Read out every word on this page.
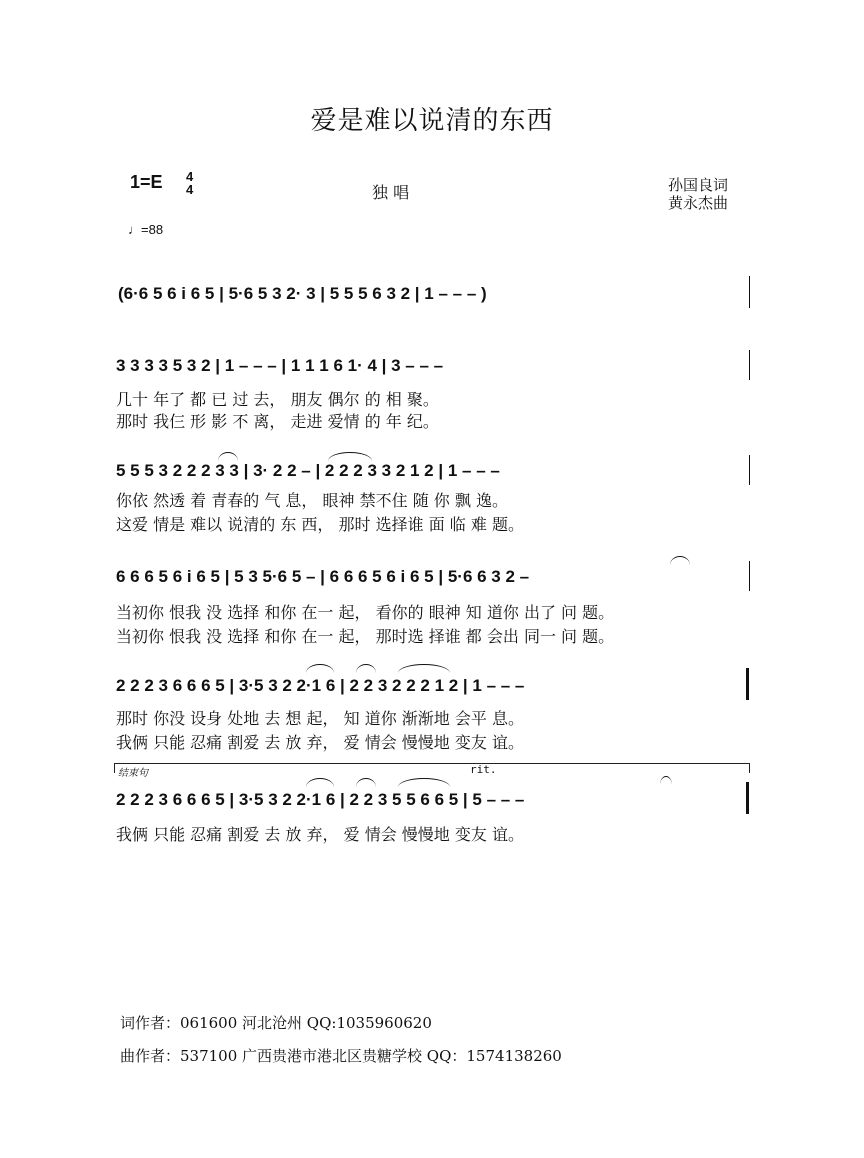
爱是难以说清的东西
1=E 4
4	独 唱	孙国良词
黄永杰曲
♩=88
(6·6 5 6 i 6 5 | 5·6 5 3 2· 3 | 5 5 5 6 3 2 | 1 – – – )
3 3 3 3 5 3 2 | 1 – – – | 1 1 1 6 1· 4 | 3 – – –
几十 年了 都 已 过 去， 朋友 偶尔 的 相 聚。
那时 我仨 形 影 不 离， 走进 爱情 的 年 纪。
5 5 5 3 2 2 2 3 3 | 3· 2 2 – | 2 2 2 3 3 2 1 2 | 1 – – –
你依 然透 着 青春的 气 息， 眼神 禁不住 随 你 飘 逸。
这爱 情是 难以 说清的 东 西， 那时 选择谁 面 临 难 题。
6 6 6 5 6 i 6 5 | 5 3 5·6 5 – | 6 6 6 5 6 i 6 5 | 5·6 6 3 2 –
当初你 恨我 没 选择 和你 在一 起， 看你的 眼神 知 道你 出了 问 题。
当初你 恨我 没 选择 和你 在一 起， 那时选 择谁 都 会出 同一 问 题。
2 2 2 3 6 6 6 5 | 3·5 3 2 2·1 6 | 2 2 3 2 2 2 1 2 | 1 – – –
那时 你没 设身 处地 去 想 起， 知 道你 渐渐地 会平 息。
我俩 只能 忍痛 割爱 去 放 弃， 爱 情会 慢慢地 变友 谊。
结束句	rit.
2 2 2 3 6 6 6 5 | 3·5 3 2 2·1 6 | 2 2 3 5 5 6 6 5 | 5 – – –
我俩 只能 忍痛 割爱 去 放 弃， 爱 情会 慢慢地 变友 谊。
词作者：061600 河北沧州 QQ:1035960620
曲作者：537100 广西贵港市港北区贵糖学校 QQ：1574138260
